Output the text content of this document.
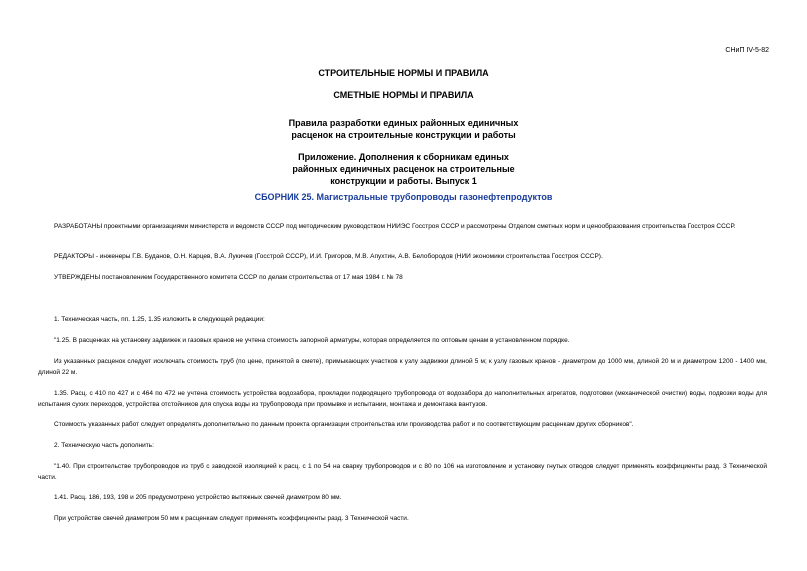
СНиП IV-5-82
СТРОИТЕЛЬНЫЕ НОРМЫ И ПРАВИЛА
СМЕТНЫЕ НОРМЫ И ПРАВИЛА
Правила разработки единых районных единичных
расценок на строительные конструкции и работы
Приложение. Дополнения к сборникам единых
районных единичных расценок на строительные
конструкции и работы. Выпуск 1
СБОРНИК 25. Магистральные трубопроводы газонефтепродуктов

РАЗРАБОТАНЫ проектными организациями министерств и ведомств СССР под методическим руководством НИИЭС Госстроя СССР и рассмотрены Отделом сметных норм и ценообразования строительства Госстроя СССР.

РЕДАКТОРЫ - инженеры Г.В. Буданов, О.Н. Карцев, В.А. Лукичев (Госстрой СССР), И.И. Григоров, М.В. Апухтин, А.В. Белобородов (НИИ экономики строительства Госстроя СССР).

УТВЕРЖДЕНЫ постановлением Государственного комитета СССР по делам строительства от 17 мая 1984 г. № 78

1. Техническая часть, пп. 1.25, 1.35 изложить в следующей редакции:

"1.25. В расценках на установку задвижек и газовых кранов не учтена стоимость запорной арматуры, которая определяется по оптовым ценам в установленном порядке.

Из указанных расценок следует исключать стоимость труб (по цене, принятой в смете), примыкающих участков к узлу задвижки длиной 5 м; к узлу газовых кранов - диаметром до 1000 мм, длиной 20 м и диаметром 1200 - 1400 мм, длиной 22 м.

1.35. Расц. с 410 по 427 и с 464 по 472 не учтена стоимость устройства водозабора, прокладки подводящего трубопровода от водозабора до наполнительных агрегатов, подготовки (механической очистки) воды, подвозки воды для испытания сухих переходов, устройства отстойников для спуска воды из трубопровода при промывке и испытании, монтажа и демонтажа вантузов.

Стоимость указанных работ следует определять дополнительно по данным проекта организации строительства или производства работ и по соответствующим расценкам других сборников".

2. Техническую часть дополнить:

"1.40. При строительстве трубопроводов из труб с заводской изоляцией к расц. с 1 по 54 на сварку трубопроводов и с 80 по 106 на изготовление и установку гнутых отводов следует применять коэффициенты разд. 3 Технической части.

1.41. Расц. 186, 193, 198 и 205 предусмотрено устройство вытяжных свечей диаметром 80 мм.

При устройстве свечей диаметром 50 мм к расценкам следует применять коэффициенты разд. 3 Технической части.
